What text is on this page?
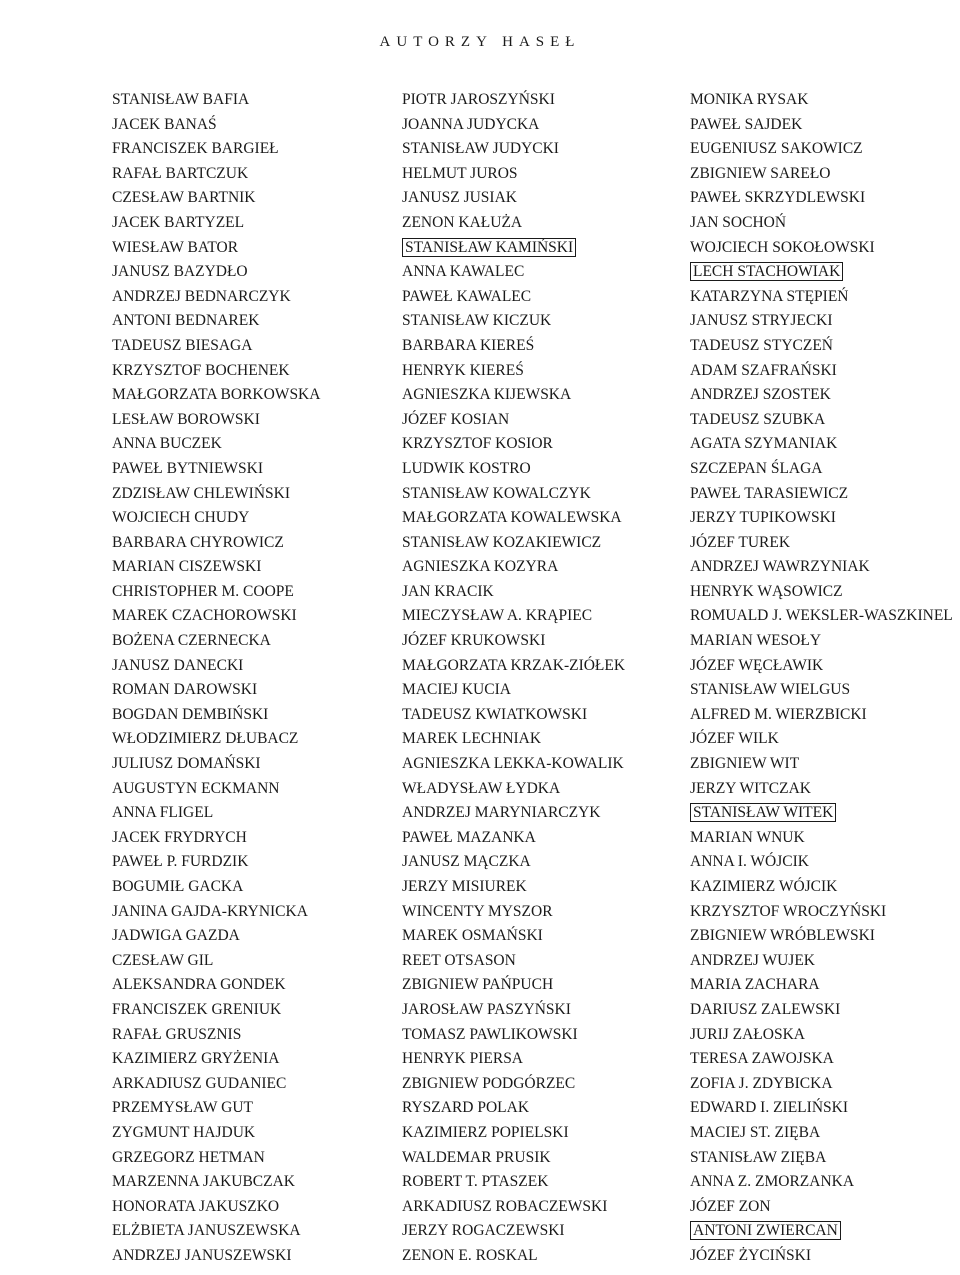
AUTORZY HASEŁ
STANISŁAW BAFIA
JACEK BANAŚ
FRANCISZEK BARGIEŁ
RAFAŁ BARTCZUK
CZESŁAW BARTNIK
JACEK BARTYZEL
WIESŁAW BATOR
JANUSZ BAZYDŁO
ANDRZEJ BEDNARCZYK
ANTONI BEDNAREK
TADEUSZ BIESAGA
KRZYSZTOF BOCHENEK
MAŁGORZATA BORKOWSKA
LESŁAW BOROWSKI
ANNA BUCZEK
PAWEŁ BYTNIEWSKI
ZDZISŁAW CHLEWIŃSKI
WOJCIECH CHUDY
BARBARA CHYROWICZ
MARIAN CISZEWSKI
CHRISTOPHER M. COOPE
MAREK CZACHOROWSKI
BOŻENA CZERNECKA
JANUSZ DANECKI
ROMAN DAROWSKI
BOGDAN DEMBIŃSKI
WŁODZIMIERZ DŁUBACZ
JULIUSZ DOMAŃSKI
AUGUSTYN ECKMANN
ANNA FLIGEL
JACEK FRYDRYCH
PAWEŁ P. FURDZIK
BOGUMIŁ GACKA
JANINA GAJDA-KRYNICKA
JADWIGA GAZDA
CZESŁAW GIL
ALEKSANDRA GONDEK
FRANCISZEK GRENIUK
RAFAŁ GRUSZNIS
KAZIMIERZ GRYŻENIA
ARKADIUSZ GUDANIEC
PRZEMYSŁAW GUT
ZYGMUNT HAJDUK
GRZEGORZ HETMAN
MARZENNA JAKUBCZAK
HONORATA JAKUSZKO
ELŻBIETA JANUSZEWSKA
ANDRZEJ JANUSZEWSKI
PIOTR JAROSZYŃSKI
JOANNA JUDYCKA
STANISŁAW JUDYCKI
HELMUT JUROS
JANUSZ JUSIAK
ZENON KAŁUŻA
STANISŁAW KAMIŃSKI
ANNA KAWALEC
PAWEŁ KAWALEC
STANISŁAW KICZUK
BARBARA KIEREŚ
HENRYK KIEREŚ
AGNIESZKA KIJEWSKA
JÓZEF KOSIAN
KRZYSZTOF KOSIOR
LUDWIK KOSTRO
STANISŁAW KOWALCZYK
MAŁGORZATA KOWALEWSKA
STANISŁAW KOZAKIEWICZ
AGNIESZKA KOZYRA
JAN KRACIK
MIECZYSŁAW A. KRĄPIEC
JÓZEF KRUKOWSKI
MAŁGORZATA KRZAK-ZIÓŁEK
MACIEJ KUCIA
TADEUSZ KWIATKOWSKI
MAREK LECHNIAK
AGNIESZKA LEKKA-KOWALIK
WŁADYSŁAW ŁYDKA
ANDRZEJ MARYNIARCZYK
PAWEŁ MAZANKA
JANUSZ MĄCZKA
JERZY MISIUREK
WINCENTY MYSZOR
MAREK OSMAŃSKI
REET OTSASON
ZBIGNIEW PAŃPUCH
JAROSŁAW PASZYŃSKI
TOMASZ PAWLIKOWSKI
HENRYK PIERSA
ZBIGNIEW PODGÓRZEC
RYSZARD POLAK
KAZIMIERZ POPIELSKI
WALDEMAR PRUSIK
ROBERT T. PTASZEK
ARKADIUSZ ROBACZEWSKI
JERZY ROGACZEWSKI
ZENON E. ROSKAL
MONIKA RYSAK
PAWEŁ SAJDEK
EUGENIUSZ SAKOWICZ
ZBIGNIEW SAREŁO
PAWEŁ SKRZYDLEWSKI
JAN SOCHOŃ
WOJCIECH SOKOŁOWSKI
LECH STACHOWIAK
KATARZYNA STĘPIEŃ
JANUSZ STRYJECKI
TADEUSZ STYCZEŃ
ADAM SZAFRAŃSKI
ANDRZEJ SZOSTEK
TADEUSZ SZUBKA
AGATA SZYMANIAK
SZCZEPAN ŚLAGA
PAWEŁ TARASIEWICZ
JERZY TUPIKOWSKI
JÓZEF TUREK
ANDRZEJ WAWRZYNIAK
HENRYK WĄSOWICZ
ROMUALD J. WEKSLER-WASZKINEL
MARIAN WESOŁY
JÓZEF WĘCŁAWIK
STANISŁAW WIELGUS
ALFRED M. WIERZBICKI
JÓZEF WILK
ZBIGNIEW WIT
JERZY WITCZAK
STANISŁAW WITEK
MARIAN WNUK
ANNA I. WÓJCIK
KAZIMIERZ WÓJCIK
KRZYSZTOF WROCZYŃSKI
ZBIGNIEW WRÓBLEWSKI
ANDRZEJ WUJEK
MARIA ZACHARA
DARIUSZ ZALEWSKI
JURIJ ZAŁOSKA
TERESA ZAWOJSKA
ZOFIA J. ZDYBICKA
EDWARD I. ZIELIŃSKI
MACIEJ ST. ZIĘBA
STANISŁAW ZIĘBA
ANNA Z. ZMORZANKA
JÓZEF ZON
ANTONI ZWIERCAN
JÓZEF ŻYCIŃSKI
